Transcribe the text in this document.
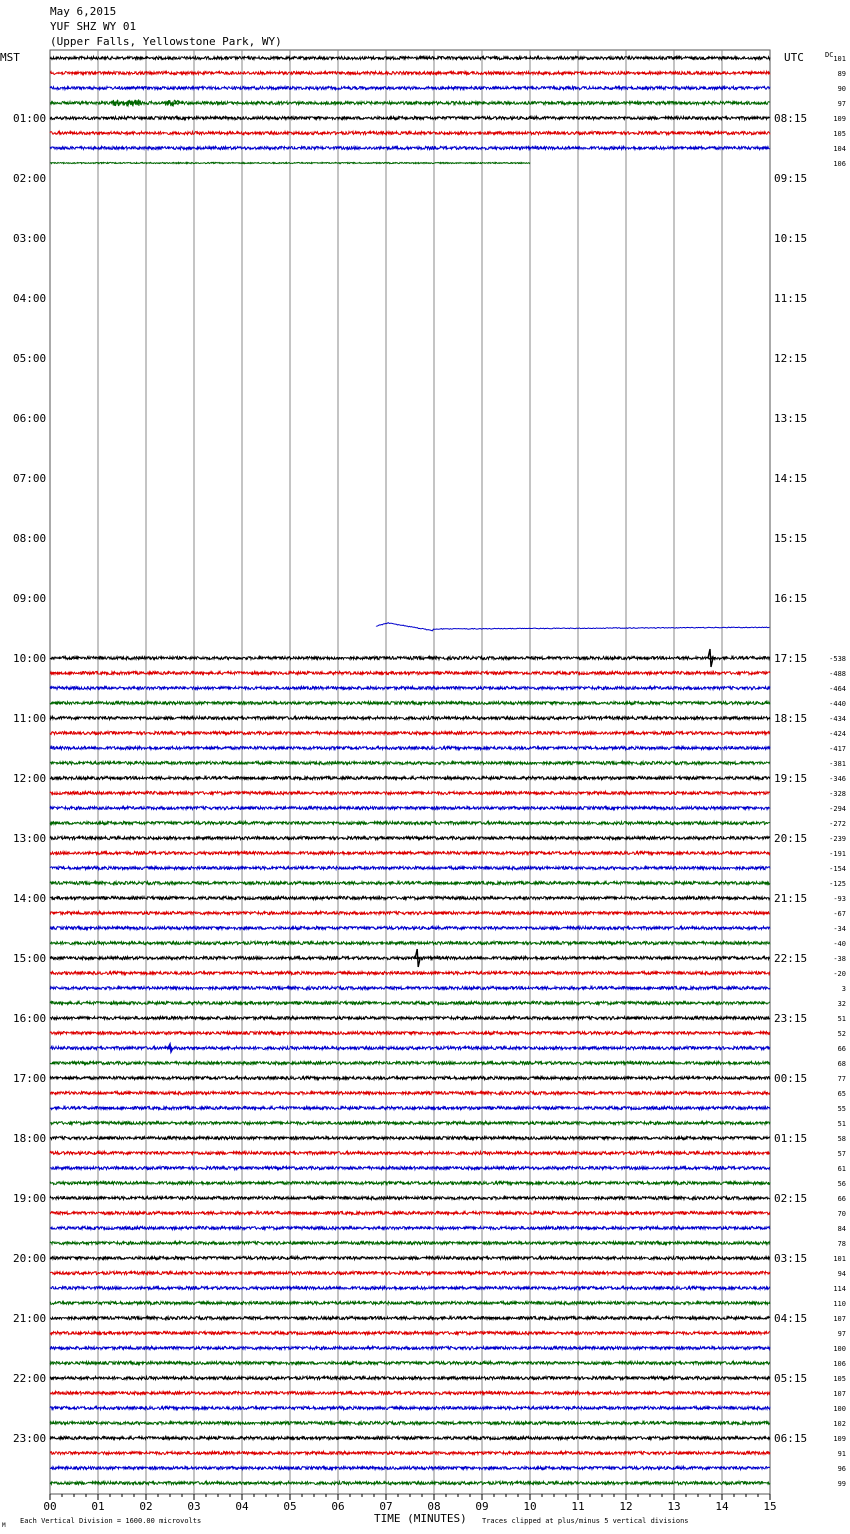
May 6,2015
YUF SHZ WY 01
(Upper Falls, Yellowstone Park, WY)
MST	UTC	DC
TIME (MINUTES)
Each Vertical Division = 1600.00 microvolts	Traces clipped at plus/minus 5 vertical divisions
M
00	01	02	03	04	05	06	07	08	09	10	11	12	13	14	15
01:00
02:00
03:00
04:00
05:00
06:00
07:00
08:00
09:00
10:00
11:00
12:00
13:00
14:00
15:00
16:00
17:00
18:00
19:00
20:00
21:00
22:00
23:00
08:15
09:15
10:15
11:15
12:15
13:15
14:15
15:15
16:15
17:15
18:15
19:15
20:15
21:15
22:15
23:15
00:15
01:15
02:15
03:15
04:15
05:15
06:15
101
89
90
97
109
105
104
106
-538
-488
-464
-440
-434
-424
-417
-381
-346
-328
-294
-272
-239
-191
-154
-125
-93
-67
-34
-40
-38
-20
3
32
51
52
66
68
77
65
55
51
58
57
61
56
66
70
84
78
101
94
114
110
107
97
100
106
105
107
100
102
109
91
96
99
